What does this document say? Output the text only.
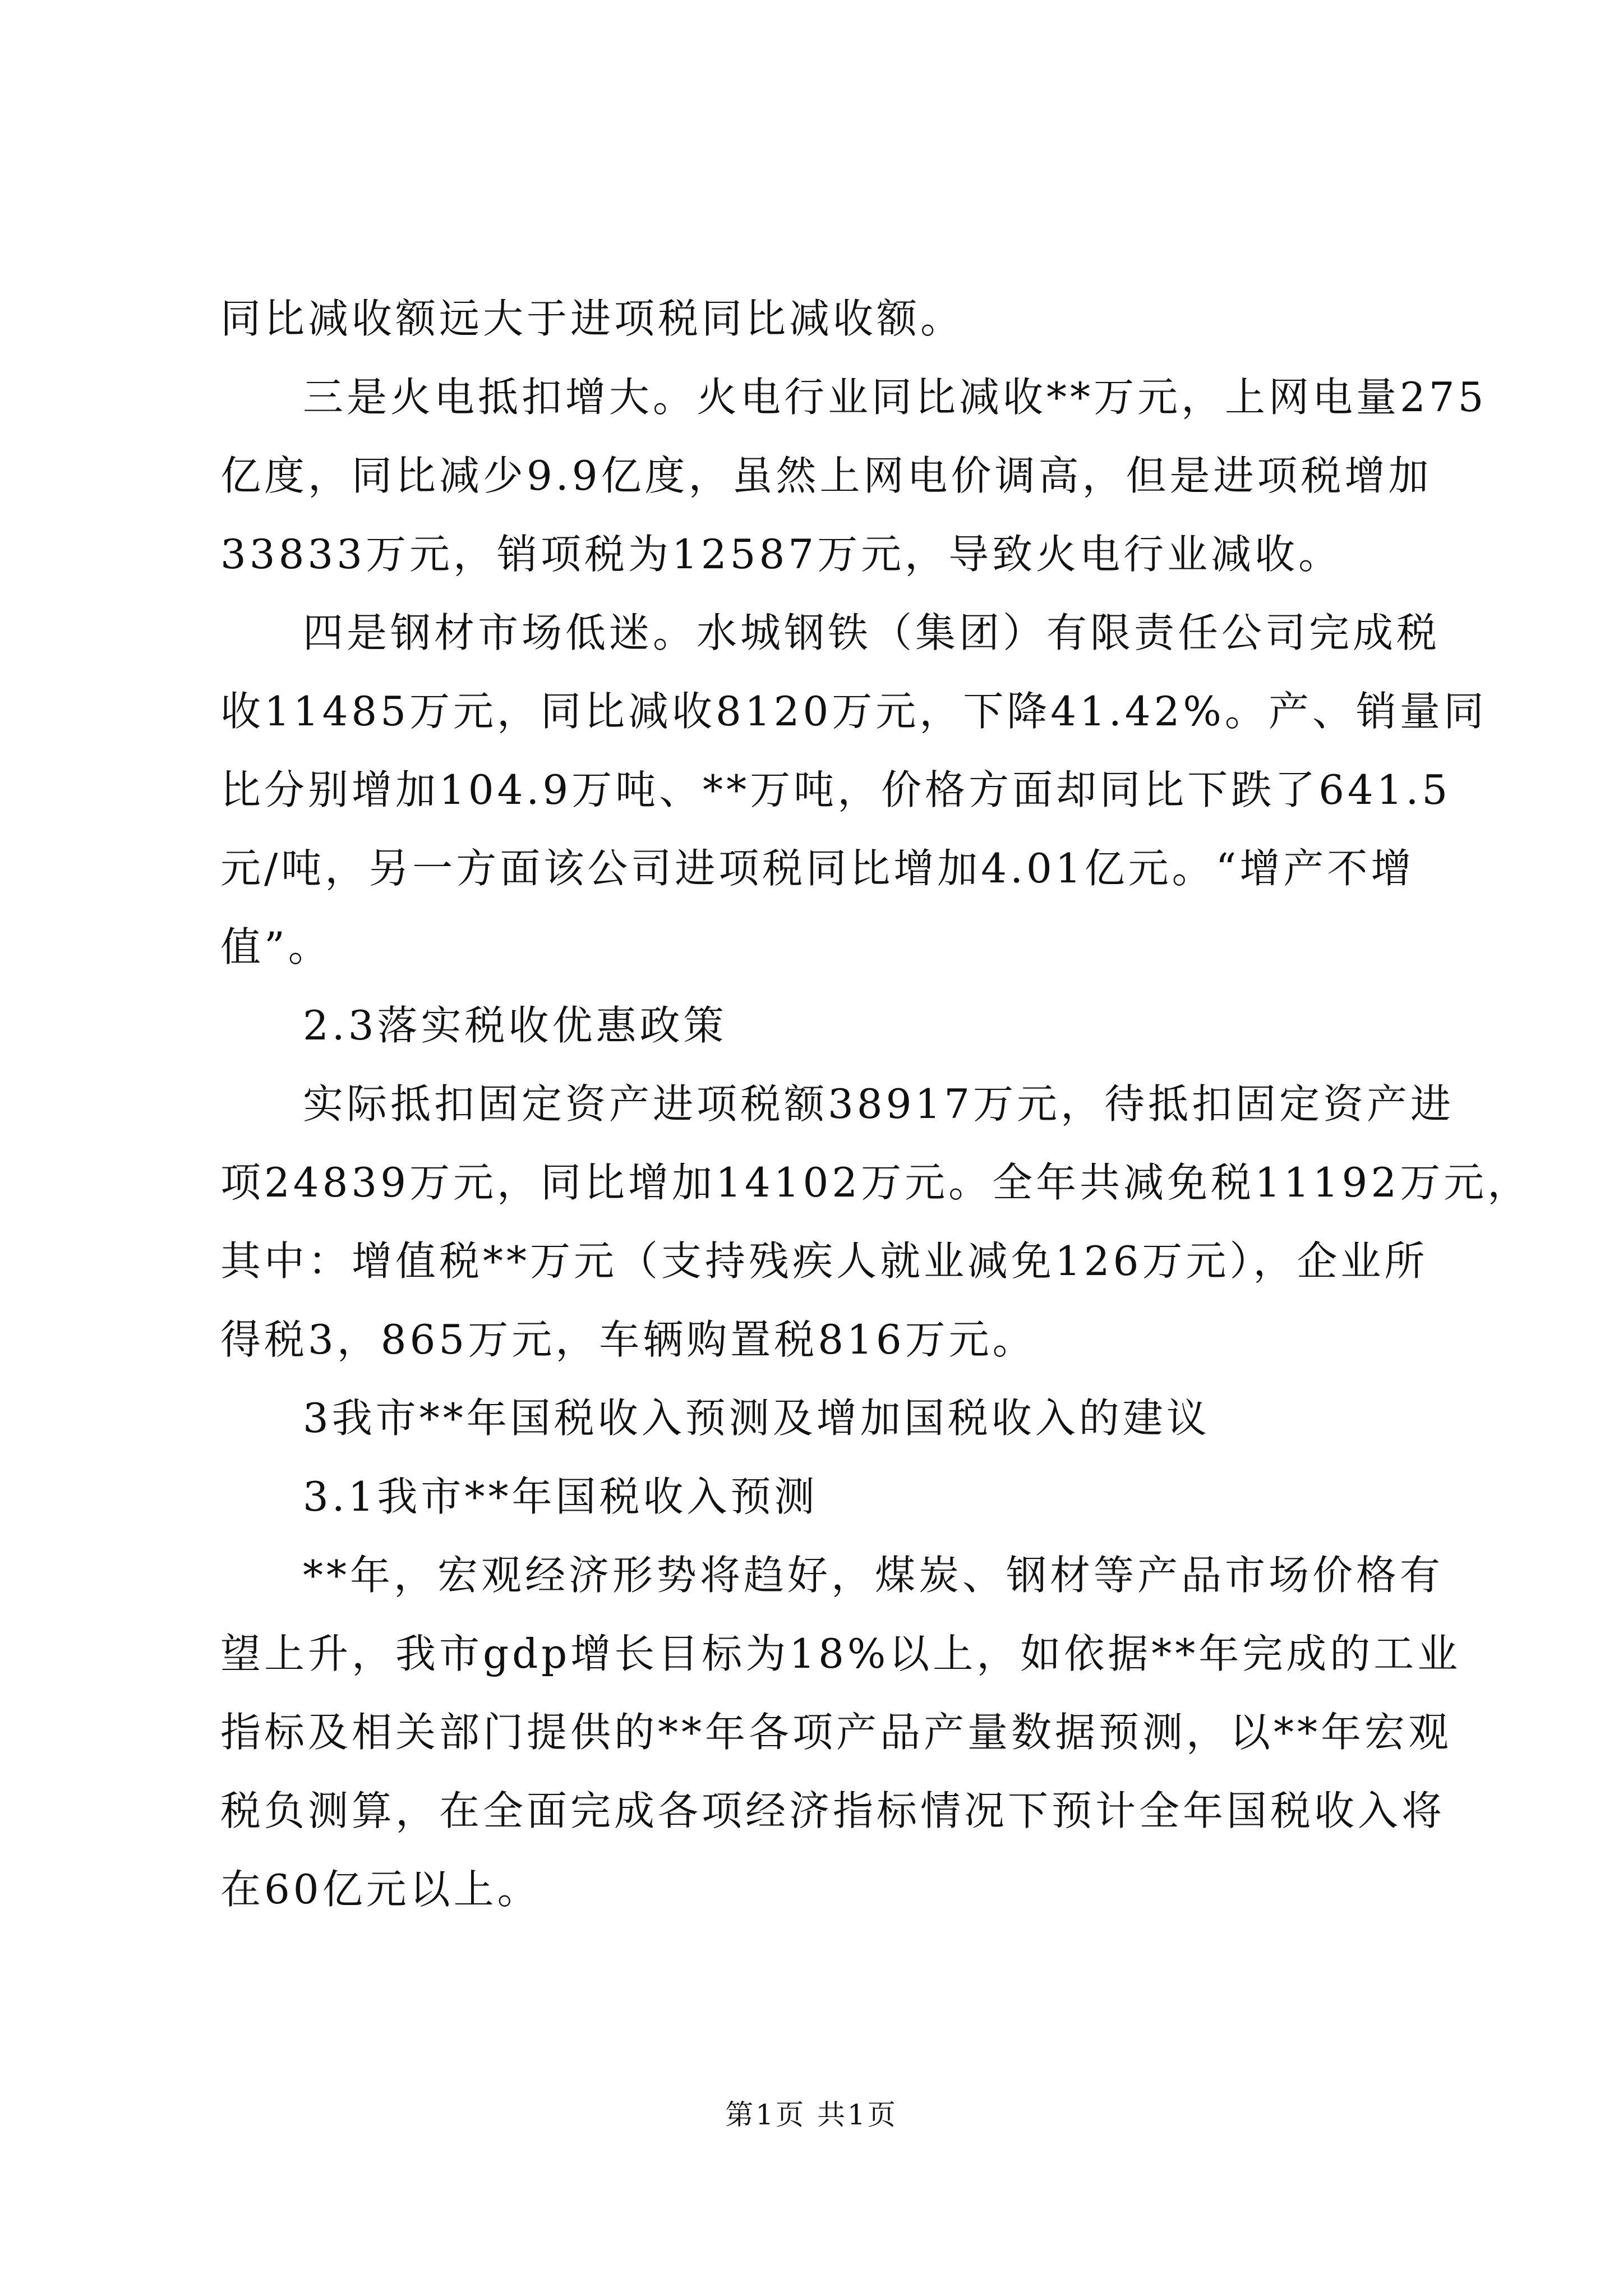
同比减收额远大于进项税同比减收额。
三是火电抵扣增大。火电行业同比减收**万元，上网电量275
亿度，同比减少9.9亿度，虽然上网电价调高，但是进项税增加
33833万元，销项税为12587万元，导致火电行业减收。
四是钢材市场低迷。水城钢铁（集团）有限责任公司完成税
收11485万元，同比减收8120万元，下降41.42%。产、销量同
比分别增加104.9万吨、**万吨，价格方面却同比下跌了641.5
元/吨，另一方面该公司进项税同比增加4.01亿元。“增产不增
值”。
2.3落实税收优惠政策
实际抵扣固定资产进项税额38917万元，待抵扣固定资产进
项24839万元，同比增加14102万元。全年共减免税11192万元，
其中：增值税**万元（支持残疾人就业减免126万元），企业所
得税3，865万元，车辆购置税816万元。
3我市**年国税收入预测及增加国税收入的建议
3.1我市**年国税收入预测
**年，宏观经济形势将趋好，煤炭、钢材等产品市场价格有
望上升，我市gdp增长目标为18%以上，如依据**年完成的工业
指标及相关部门提供的**年各项产品产量数据预测，以**年宏观
税负测算，在全面完成各项经济指标情况下预计全年国税收入将
在60亿元以上。
第1页 共1页
